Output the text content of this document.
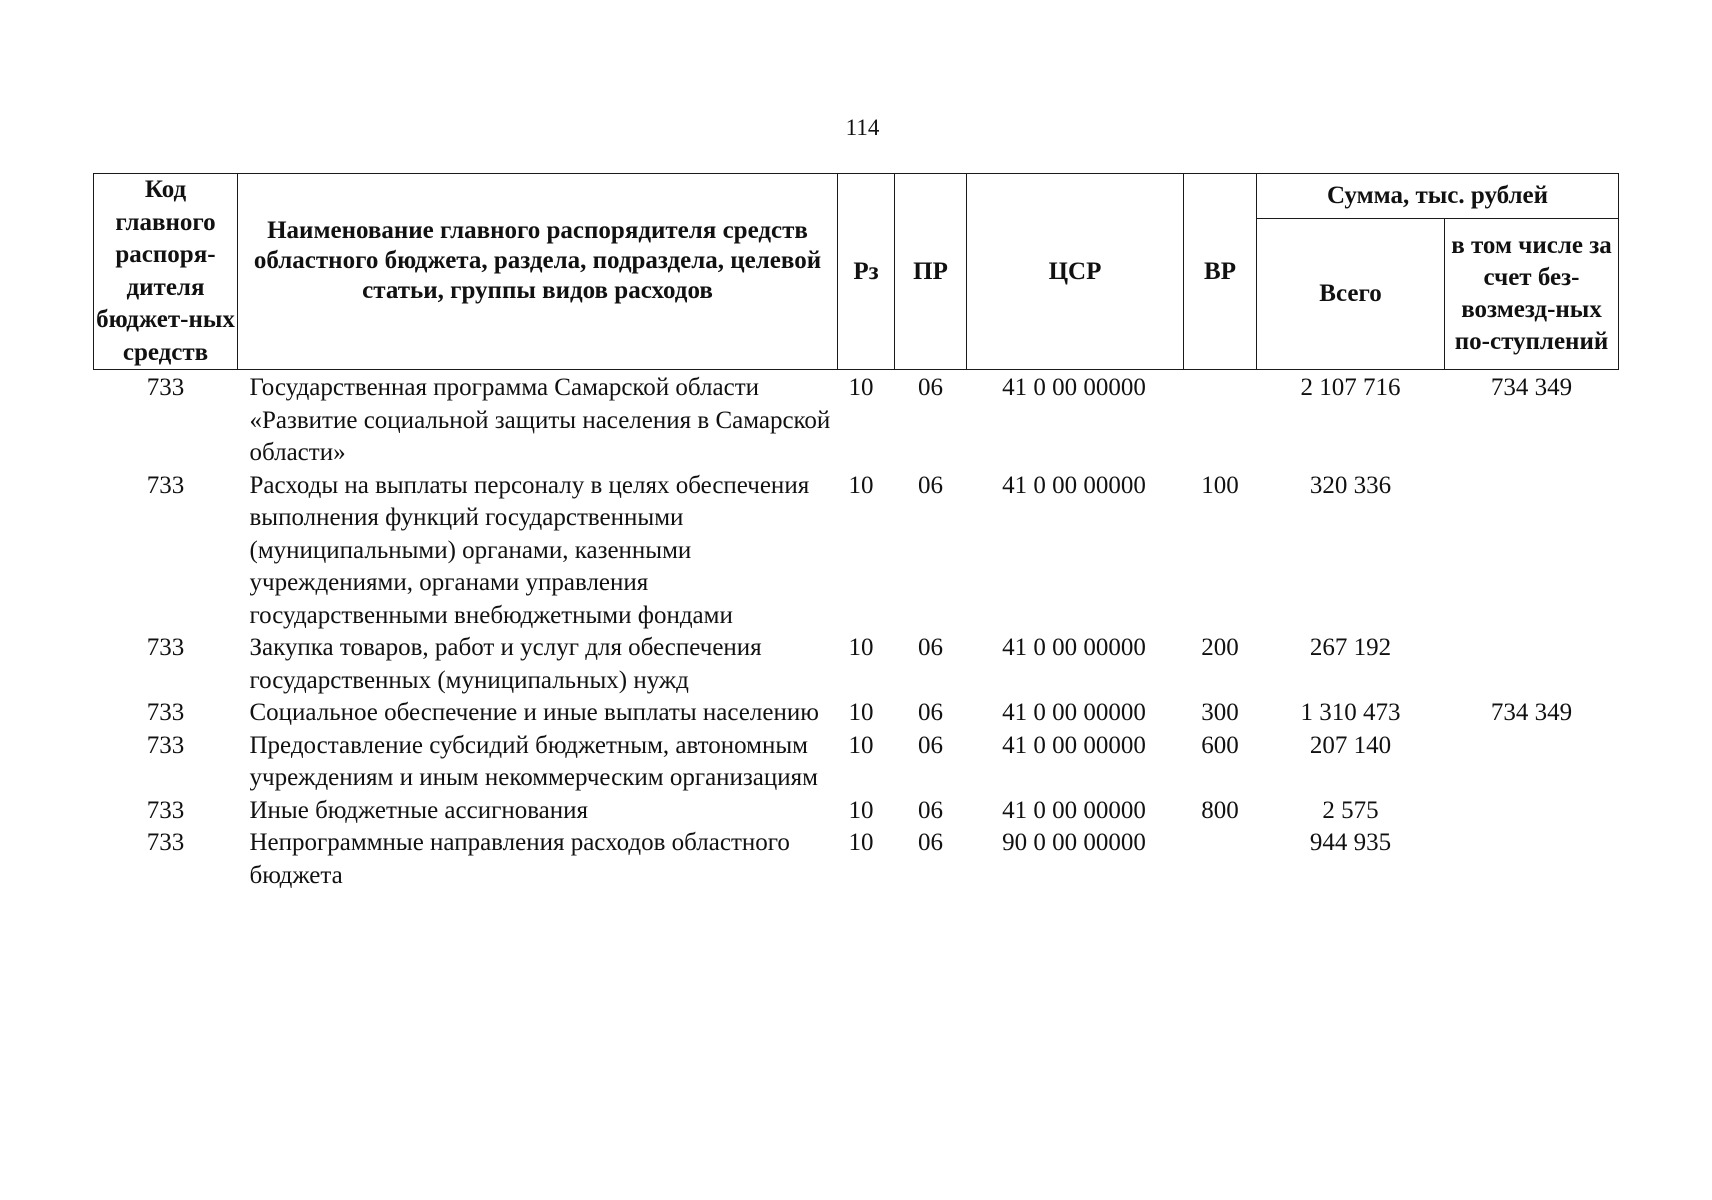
114
Код главного распоря-дителя бюджет-ных средств	Наименование главного распорядителя средств областного бюджета, раздела, подраздела, целевой статьи, группы видов расходов	Рз	ПР	ЦСР	ВР	Сумма, тыс. рублей	
						Всего	в том числе за счет без-возмезд-ных по-ступлений
733	Государственная программа Самарской области «Развитие социальной защиты населения в Самарской области»	10	06	41 0 00 00000		2 107 716	734 349
733	Расходы на выплаты персоналу в целях обеспечения выполнения функций государственными (муниципальными) органами, казенными учреждениями, органами управления государственными внебюджетными фондами	10	06	41 0 00 00000	100	320 336	
733	Закупка товаров, работ и услуг для обеспечения государственных (муниципальных) нужд	10	06	41 0 00 00000	200	267 192	
733	Социальное обеспечение и иные выплаты населению	10	06	41 0 00 00000	300	1 310 473	734 349
733	Предоставление субсидий бюджетным, автономным учреждениям и иным некоммерческим организациям	10	06	41 0 00 00000	600	207 140	
733	Иные бюджетные ассигнования	10	06	41 0 00 00000	800	2 575	
733	Непрограммные направления расходов областного бюджета	10	06	90 0 00 00000		944 935	
